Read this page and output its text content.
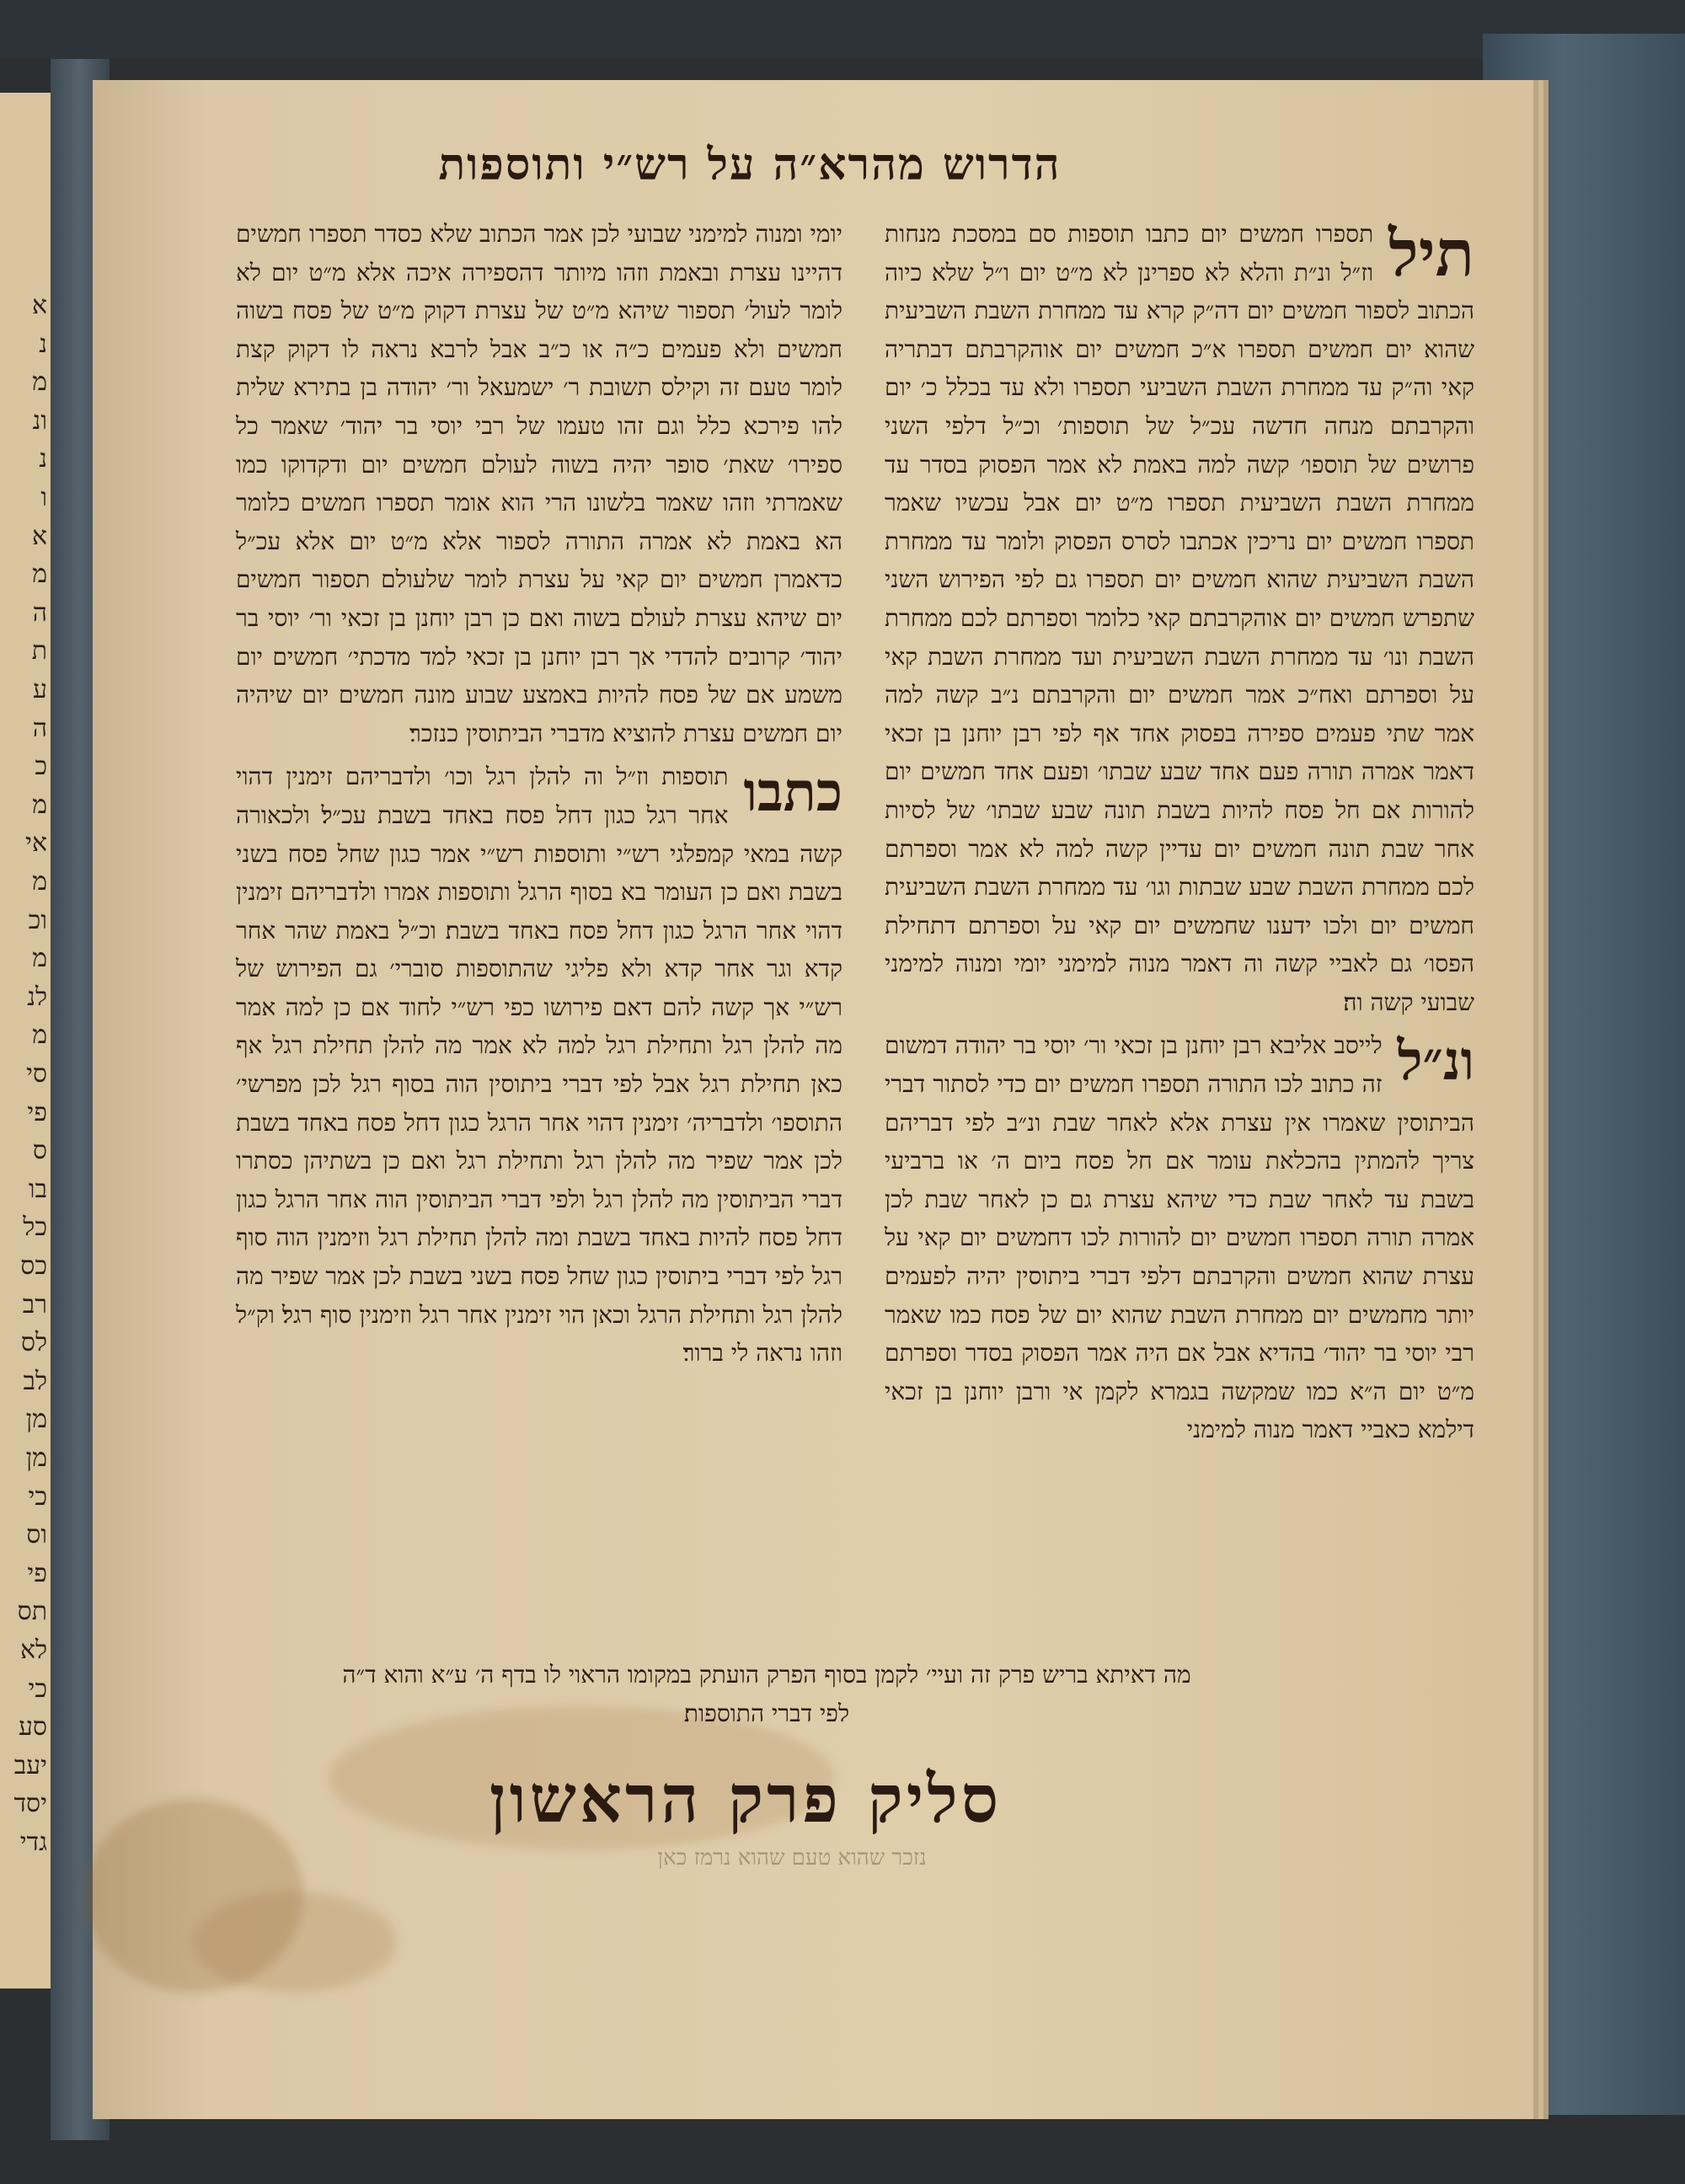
א
נ
מ
ונ
נ
ו
א
מ
ה
ת
ע
ה
כ
מ
אי
מ
וכ
מ
לנ
מ
סי
פי
ס
בו
כל
כס
רב
לס
לב
מן
מן
כי
וס
פי
תס
לא
כי
סע
יעב
יסד
גדי
הדרוש מהרא״ה על רש״י ותוספות

תיל
תספרו חמשים יום כתבו תוספות סם במסכת מנחות וז״ל ונ״ת והלא לא ספרינן לא מ״ט יום ו״ל שלא כיוה הכתוב לספור חמשים יום דה״ק קרא עד ממחרת השבת השביעית שהוא יום חמשים תספרו א״כ חמשים יום אוהקרבתם דבתריה קאי וה״ק עד ממחרת השבת השביעי תספרו ולא עד בכלל כ׳ יום והקרבתם מנחה חדשה עכ״ל של תוספות׳ וכ״ל דלפי השני פרושים של תוספו׳ קשה למה באמת לא אמר הפסוק בסדר עד ממחרת השבת השביעית תספרו מ״ט יום אבל עכשיו שאמר תספרו חמשים יום נריכין אכתבו לסרס הפסוק ולומר עד ממחרת השבת השביעית שהוא חמשים יום תספרו גם לפי הפירוש השני שתפרש חמשים יום אוהקרבתם קאי כלומר וספרתם לכם ממחרת השבת ונו׳ עד ממחרת השבת השביעית ועד ממחרת השבת קאי על וספרתם ואח״כ אמר חמשים יום והקרבתם נ״ב קשה למה אמר שתי פעמים ספירה בפסוק אחד אף לפי רבן יוחנן בן זכאי דאמר אמרה תורה פעם אחד שבע שבתו׳ ופעם אחד חמשים יום להורות אם חל פסח להיות בשבת תונה שבע שבתו׳ של לסיות אחר שבת תונה חמשים יום עדיין קשה למה לא אמר וספרתם לכם ממחרת השבת שבע שבתות וגו׳ עד ממחרת השבת השביעית חמשים יום ולכו ידענו שחמשים יום קאי על וספרתם דתחילת הפסו׳ גם לאביי קשה וה דאמר מנוה למימני יומי ומנוה למימני שבועי קשה וה׃

ונ״ל
לייסב אליבא רבן יוחנן בן זכאי ור׳ יוסי בר יהודה דמשום זה כתוב לכו התורה תספרו חמשים יום כדי לסתור דברי הביתוסין שאמרו אין עצרת אלא לאחר שבת ונ״ב לפי דבריהם צריך להמתין בהכלאת עומר אם חל פסח ביום ה׳ או ברביעי בשבת עד לאחר שבת כדי שיהא עצרת גם כן לאחר שבת לכן אמרה תורה תספרו חמשים יום להורות לכו דחמשים יום קאי על עצרת שהוא חמשים והקרבתם דלפי דברי ביתוסין יהיה לפעמים יותר מחמשים יום ממחרת השבת שהוא יום של פסח כמו שאמר רבי יוסי בר יהוד׳ בהדיא אבל אם היה אמר הפסוק בסדר וספרתם מ״ט יום ה״א כמו שמקשה בגמרא לקמן אי ורבן יוחנן בן זכאי דילמא כאביי דאמר מנוה למימני

יומי ומנוה למימני שבועי לכן אמר הכתוב שלא כסדר תספרו חמשים דהיינו עצרת ובאמת וזהו מיותר דהספירה איכה אלא מ״ט יום לא לומר לעול׳ תספור שיהא מ״ט של עצרת דקוק מ״ט של פסח בשוה חמשים ולא פעמים כ״ה או כ״ב אבל לרבא נראה לו דקוק קצת לומר טעם זה וקילס תשובת ר׳ ישמעאל ור׳ יהודה בן בתירא שלית להו פירכא כלל וגם זהו טעמו של רבי יוסי בר יהוד׳ שאמר כל ספירו׳ שאת׳ סופר יהיה בשוה לעולם חמשים יום ודקדוקו כמו שאמרתי וזהו שאמר בלשונו הרי הוא אומר תספרו חמשים כלומר הא באמת לא אמרה התורה לספור אלא מ״ט יום אלא עכ״ל כדאמרן חמשים יום קאי על עצרת לומר שלעולם תספור חמשים יום שיהא עצרת לעולם בשוה ואם כן רבן יוחנן בן זכאי ור׳ יוסי בר יהוד׳ קרובים להדדי אך רבן יוחנן בן זכאי למד מדכתי׳ חמשים יום משמע אם של פסח להיות באמצע שבוע מונה חמשים יום שיהיה יום חמשים עצרת להוציא מדברי הביתוסין כנזכר׃

כתבו
תוספות וז״ל וה להלן רגל וכו׳ ולדבריהם זימנין דהוי אחר רגל כגון דחל פסח באחד בשבת עכ״ל׃ ולכאורה קשה במאי קמפלגי רש״י ותוספות רש״י אמר כגון שחל פסח בשני בשבת ואם כן העומר בא בסוף הרגל ותוספות אמרו ולדבריהם זימנין דהוי אחר הרגל כגון דחל פסח באחד בשבת׃ וכ״ל באמת שהר אחר קדא וגר אחר קדא ולא פליגי שהתוספות סוברי׳ גם הפירוש של רש״י אך קשה להם דאם פירושו כפי רש״י לחוד אם כן למה אמר מה להלן רגל ותחילת רגל למה לא אמר מה להלן תחילת רגל אף כאן תחילת רגל אבל לפי דברי ביתוסין הוה בסוף רגל לכן מפרשי׳ התוספו׳ ולדבריה׳ זימנין דהוי אחר הרגל כגון דחל פסח באחד בשבת לכן אמר שפיר מה להלן רגל ותחילת רגל ואם כן בשתיהן כסתרו דברי הביתוסין מה להלן רגל ולפי דברי הביתוסין הוה אחר הרגל כגון דחל פסח להיות באחד בשבת ומה להלן תחילת רגל וזימנין הוה סוף רגל לפי דברי ביתוסין כגון שחל פסח בשני בשבת לכן אמר שפיר מה להלן רגל ותחילת הרגל וכאן הוי זימנין אחר רגל וזימנין סוף רגל׃ וק״ל וזהו נראה לי ברור׃

מה דאיתא בריש פרק זה ועיי׳ לקמן בסוף הפרק הועתק במקומו הראוי לו בדף ה׳ ע״א והוא ד״ה לפי דברי התוספות׃
סליק פרק הראשון
נזכר שהוא טעם שהוא נרמז כאן
